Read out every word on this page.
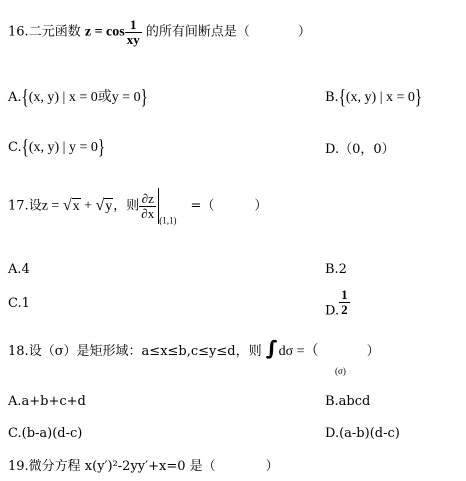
16.二元函数 $z = \cos \frac{1}{xy}$ 的所有间断点是（	）
A.{(x, y) | x = 0或y = 0}	B.{(x, y) | x = 0}
C.{(x, y) | y = 0}	D.（0，0）
17.设z = √x + √y，则 $\frac{\partial z}{\partial x}$
$_{(1,1)}$=（	）
A.4	B.2
C.1
D. $\frac{1}{2}$
18.设（σ）是矩形域：a≤x≤b,c≤y≤d，则 ∫∫ dσ =（	）
(σ)
A.a+b+c+d	B.abcd
C.(b-a)(d-c)	D.(a-b)(d-c)
19.微分方程 x(y′)²-2yy′+x=0 是（	）
